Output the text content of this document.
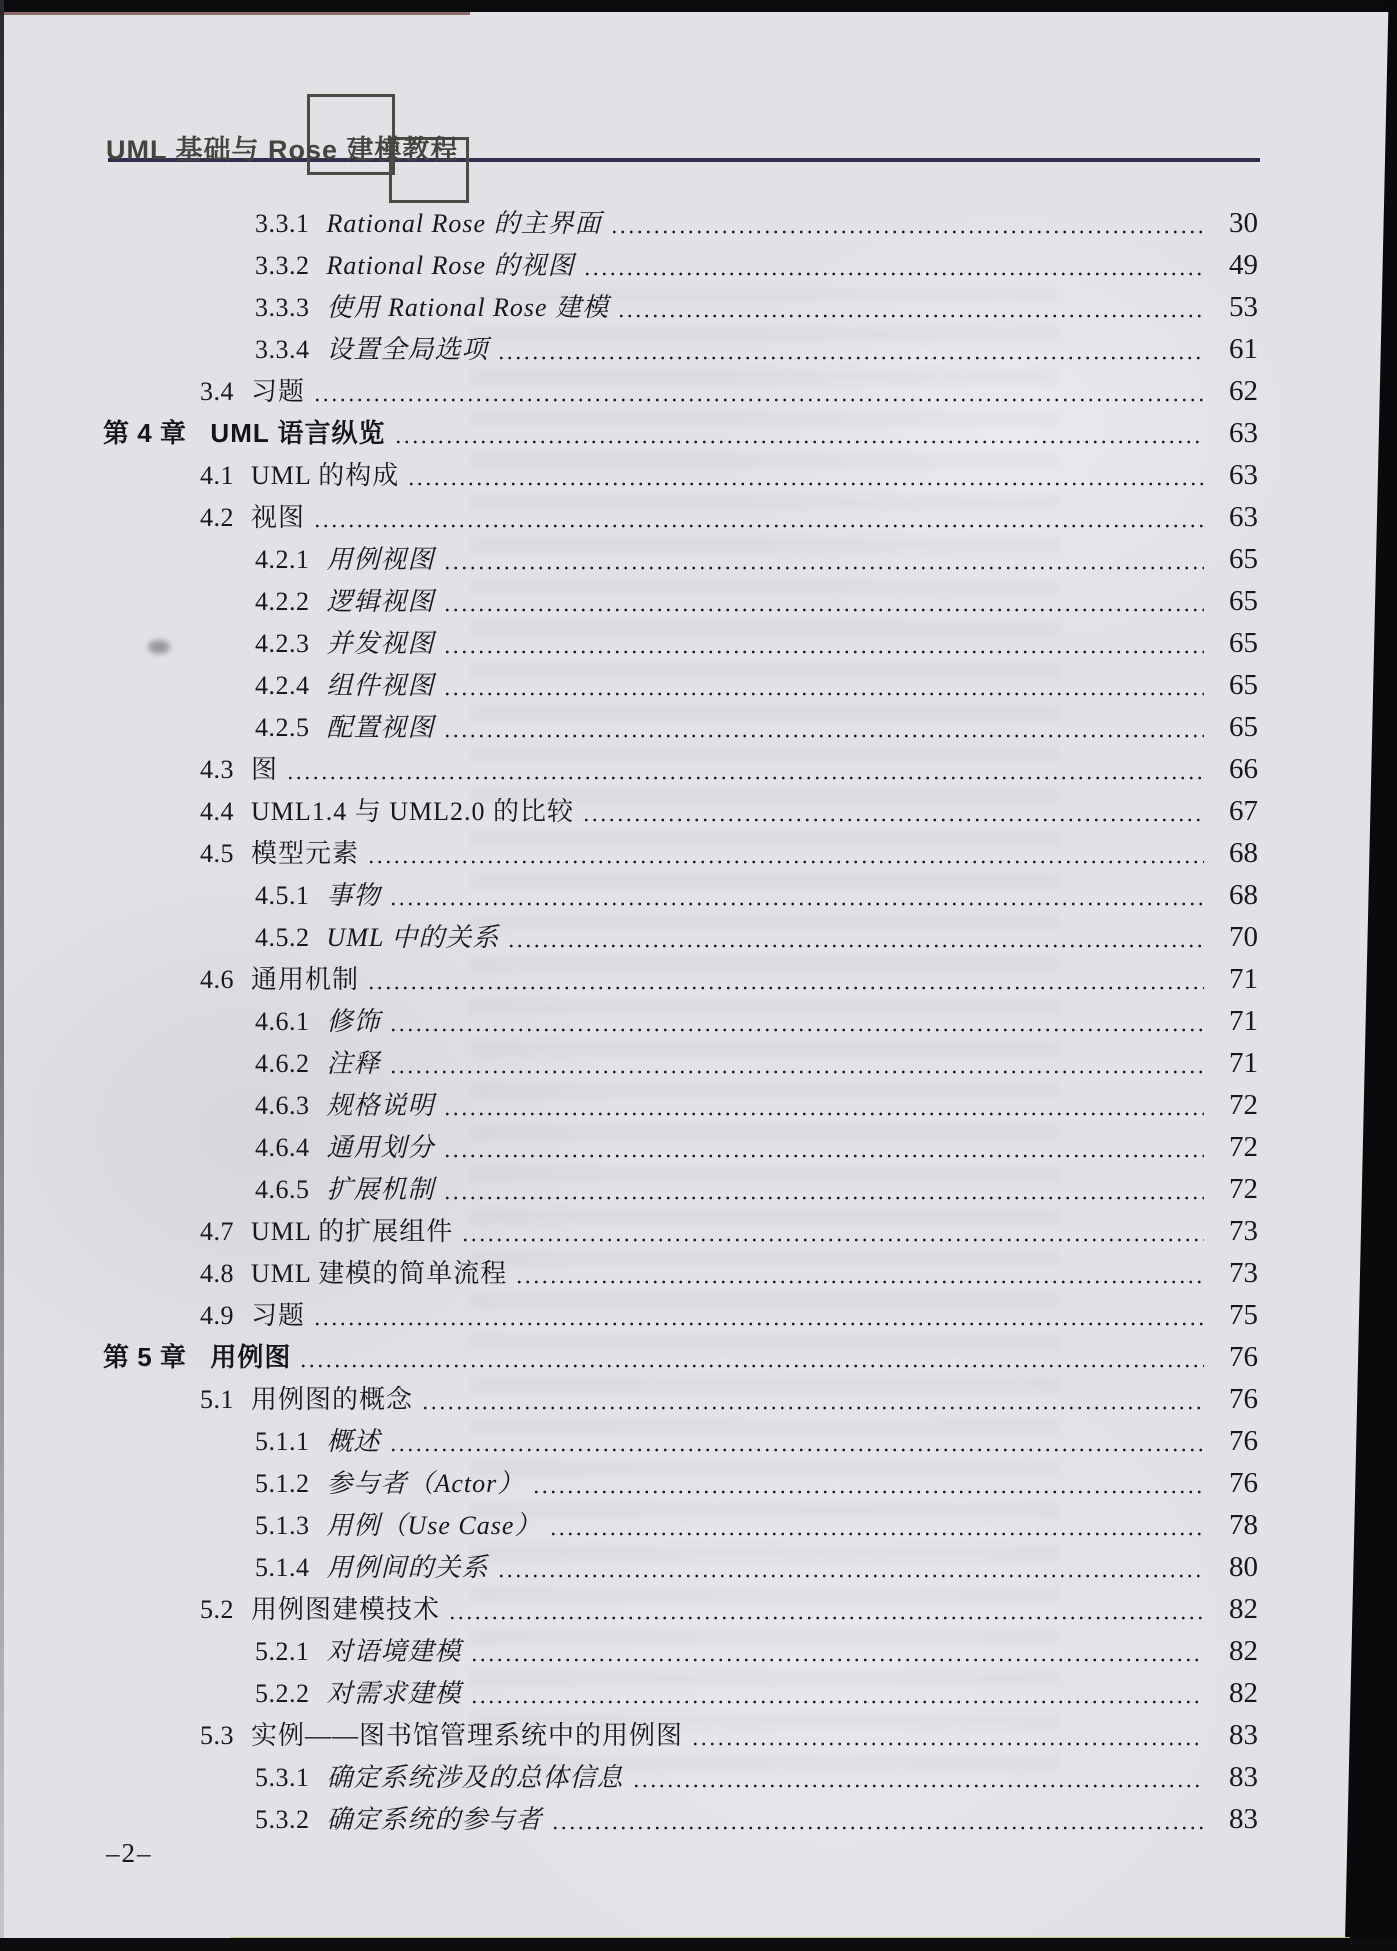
UML 基础与 Rose 建模教程
3.3.1 Rational Rose 的主界面	30
3.3.2 Rational Rose 的视图	49
3.3.3 使用 Rational Rose 建模	53
3.3.4 设置全局选项	61
3.4 习题	62
第 4 章 UML 语言纵览	63
4.1 UML 的构成	63
4.2 视图	63
4.2.1 用例视图	65
4.2.2 逻辑视图	65
4.2.3 并发视图	65
4.2.4 组件视图	65
4.2.5 配置视图	65
4.3 图	66
4.4 UML1.4 与 UML2.0 的比较	67
4.5 模型元素	68
4.5.1 事物	68
4.5.2 UML 中的关系	70
4.6 通用机制	71
4.6.1 修饰	71
4.6.2 注释	71
4.6.3 规格说明	72
4.6.4 通用划分	72
4.6.5 扩展机制	72
4.7 UML 的扩展组件	73
4.8 UML 建模的简单流程	73
4.9 习题	75
第 5 章 用例图	76
5.1 用例图的概念	76
5.1.1 概述	76
5.1.2 参与者（Actor）	76
5.1.3 用例（Use Case）	78
5.1.4 用例间的关系	80
5.2 用例图建模技术	82
5.2.1 对语境建模	82
5.2.2 对需求建模	82
5.3 实例——图书馆管理系统中的用例图	83
5.3.1 确定系统涉及的总体信息	83
5.3.2 确定系统的参与者	83
–2–
